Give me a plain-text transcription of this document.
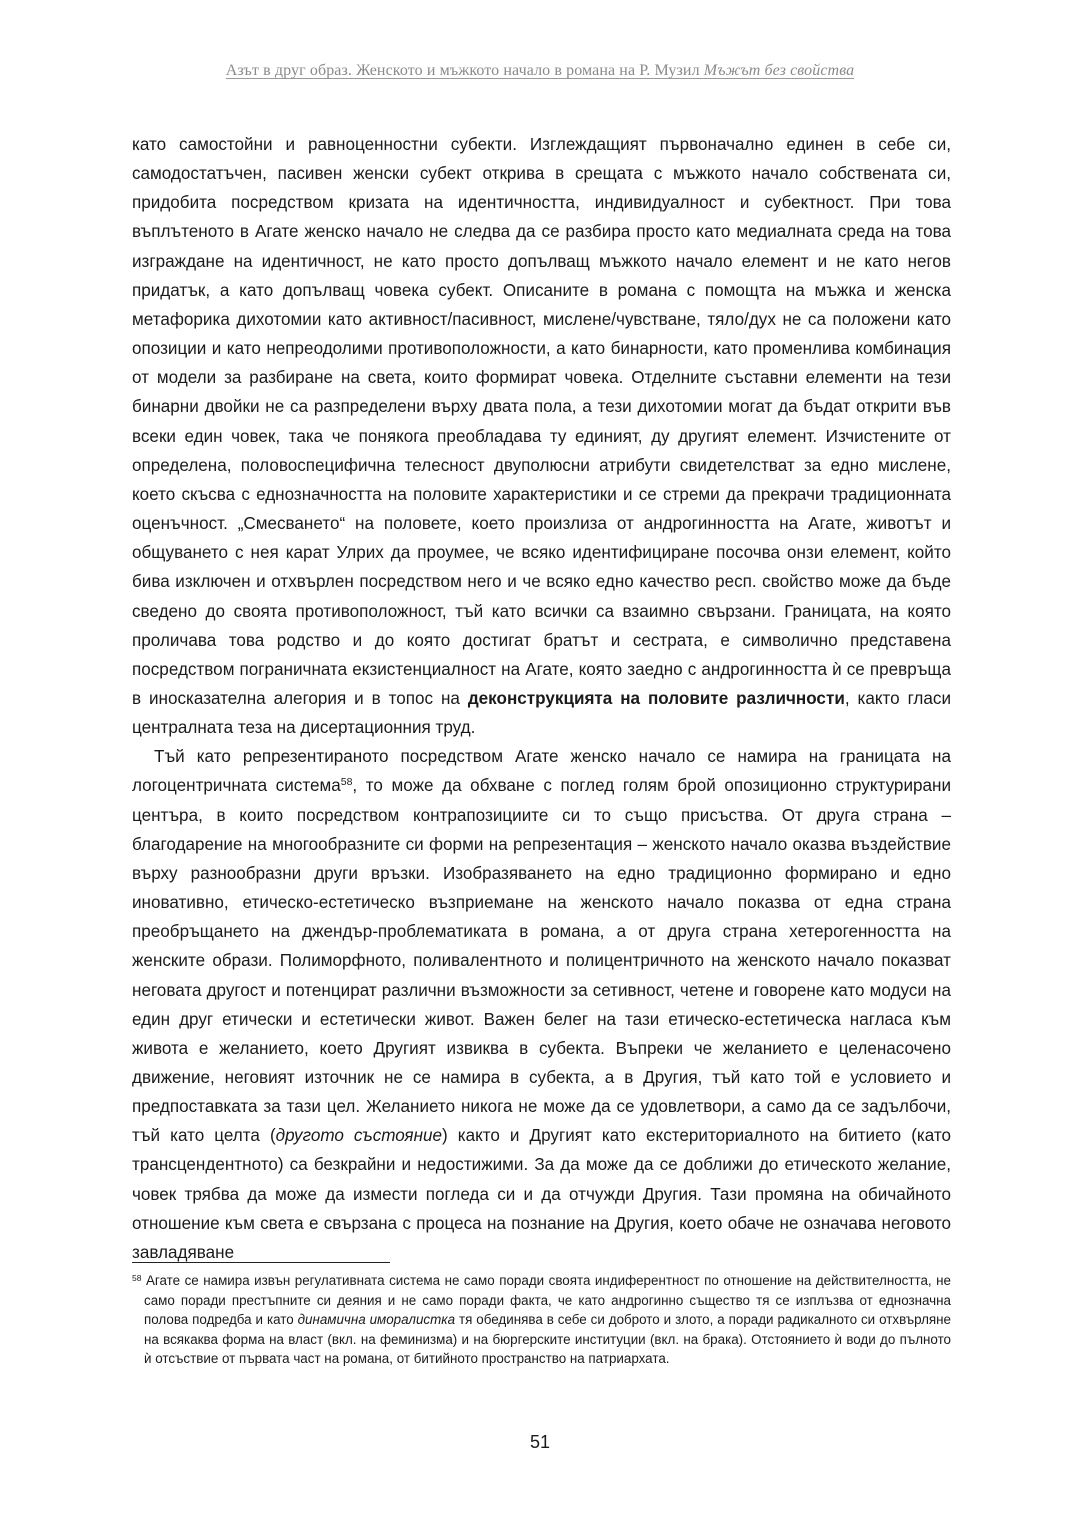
Азът в друг образ. Женското и мъжкото начало в романа на Р. Музил Мъжът без свойства

като самостойни и равноценностни субекти. Изглеждащият първоначално единен в себе си, самодостатъчен, пасивен женски субект открива в срещата с мъжкото начало собствената си, придобита посредством кризата на идентичността, индивидуалност и субектност. При това въплътеното в Агате женско начало не следва да се разбира просто като медиалната среда на това изграждане на идентичност, не като просто допълващ мъжкото начало елемент и не като негов придатък, а като допълващ човека субект. Описаните в романа с помощта на мъжка и женска метафорика дихотомии като активност/пасивност, мислене/чувстване, тяло/дух не са положени като опозиции и като непреодолими противоположности, а като бинарности, като променлива комбинация от модели за разбиране на света, които формират човека. Отделните съставни елементи на тези бинарни двойки не са разпределени върху двата пола, а тези дихотомии могат да бъдат открити във всеки един човек, така че понякога преобладава ту единият, ду другият елемент. Изчистените от определена, половоспецифична телесност двуполюсни атрибути свидетелстват за едно мислене, което скъсва с еднозначността на половите характеристики и се стреми да прекрачи традиционната оценъчност. „Смесването“ на половете, което произлиза от андрогинността на Агате, животът и общуването с нея карат Улрих да проумее, че всяко идентифициране посочва онзи елемент, който бива изключен и отхвърлен посредством него и че всяко едно качество респ. свойство може да бъде сведено до своята противоположност, тъй като всички са взаимно свързани. Границата, на която проличава това родство и до която достигат братът и сестрата, е символично представена посредством пограничната екзистенциалност на Агате, която заедно с андрогинността ѝ се превръща в иносказателна алегория и в топос на деконструкцията на половите различности, както гласи централната теза на дисертационния труд.

Тъй като репрезентираното посредством Агате женско начало се намира на границата на логоцентричната система$^{58}$, то може да обхване с поглед голям брой опозиционно структурирани центъра, в които посредством контрапозициите си то също присъства. От друга страна – благодарение на многообразните си форми на репрезентация – женското начало оказва въздействие върху разнообразни други връзки. Изобразяването на едно традиционно формирано и едно иновативно, етическо-естетическо възприемане на женското начало показва от една страна преобръщането на джендър-проблематиката в романа, а от друга страна хетерогенността на женските образи. Полиморфното, поливалентното и полицентричното на женското начало показват неговата другост и потенцират различни възможности за сетивност, четене и говорене като модуси на един друг етически и естетически живот. Важен белег на тази етическо-естетическа нагласа към живота е желанието, което Другият извиква в субекта. Въпреки че желанието е целенасочено движение, неговият източник не се намира в субекта, а в Другия, тъй като той е условието и предпоставката за тази цел. Желанието никога не може да се удовлетвори, а само да се задълбочи, тъй като целта (другото състояние) както и Другият като екстериториалното на битието (като трансцендентното) са безкрайни и недостижими. За да може да се доближи до етическото желание, човек трябва да може да измести погледа си и да отчужди Другия. Тази промяна на обичайното отношение към света е свързана с процеса на познание на Другия, което обаче не означава неговото завладяване

$^{58}$ Агате се намира извън регулативната система не само поради своята индиферентност по отношение на действителността, не само поради престъпните си деяния и не само поради факта, че като андрогинно същество тя се изплъзва от еднозначна полова подредба и като динамична иморалистка тя обединява в себе си доброто и злото, а поради радикалното си отхвърляне на всякаква форма на власт (вкл. на феминизма) и на бюргерските институции (вкл. на брака). Отстоянието ѝ води до пълното ѝ отсъствие от първата част на романа, от битийното пространство на патриархата.

51
